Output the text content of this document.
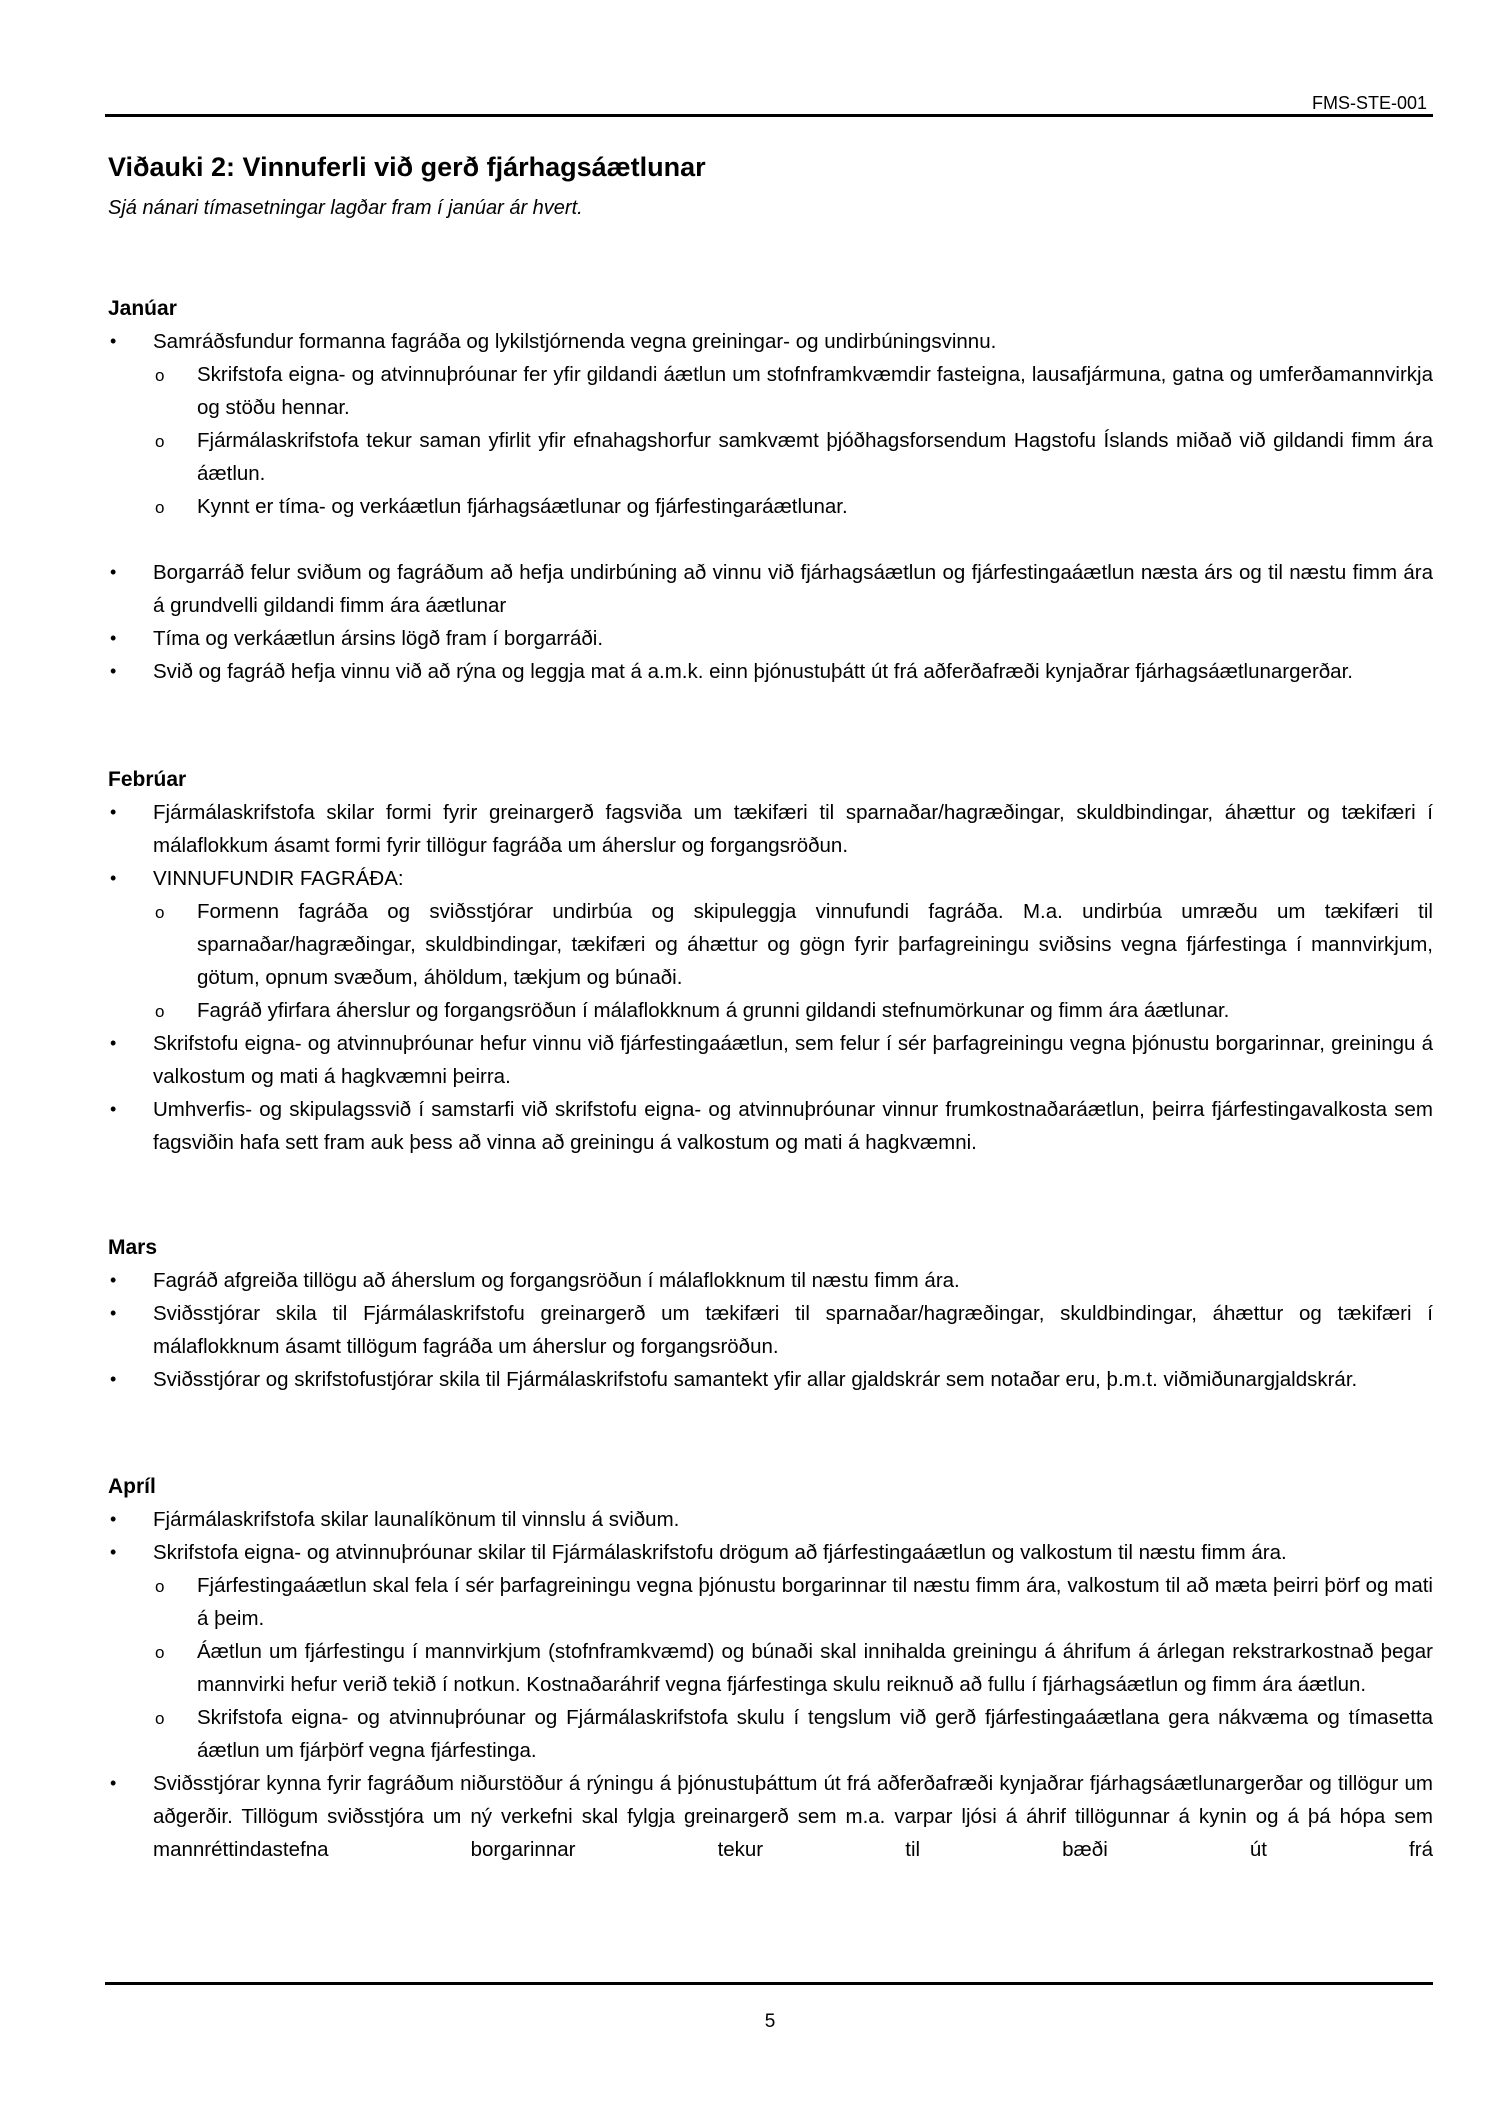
FMS-STE-001
Viðauki 2: Vinnuferli við gerð fjárhagsáætlunar

Sjá nánari tímasetningar lagðar fram í janúar ár hvert.

Janúar
• Samráðsfundur formanna fagráða og lykilstjórnenda vegna greiningar- og undirbúningsvinnu.
o Skrifstofa eigna- og atvinnuþróunar fer yfir gildandi áætlun um stofnframkvæmdir fasteigna, lausafjármuna, gatna og umferðamannvirkja og stöðu hennar.
o Fjármálaskrifstofa tekur saman yfirlit yfir efnahagshorfur samkvæmt þjóðhagsforsendum Hagstofu Íslands miðað við gildandi fimm ára áætlun.
o Kynnt er tíma- og verkáætlun fjárhagsáætlunar og fjárfestingaráætlunar.
• Borgarráð felur sviðum og fagráðum að hefja undirbúning að vinnu við fjárhagsáætlun og fjárfestingaáætlun næsta árs og til næstu fimm ára á grundvelli gildandi fimm ára áætlunar
• Tíma og verkáætlun ársins lögð fram í borgarráði.
• Svið og fagráð hefja vinnu við að rýna og leggja mat á a.m.k. einn þjónustuþátt út frá aðferðafræði kynjaðrar fjárhagsáætlunargerðar.
Febrúar
• Fjármálaskrifstofa skilar formi fyrir greinargerð fagsviða um tækifæri til sparnaðar/hagræðingar, skuldbindingar, áhættur og tækifæri í málaflokkum ásamt formi fyrir tillögur fagráða um áherslur og forgangsröðun.
• VINNUFUNDIR FAGRÁÐA:
o Formenn fagráða og sviðsstjórar undirbúa og skipuleggja vinnufundi fagráða. M.a. undirbúa umræðu um tækifæri til sparnaðar/hagræðingar, skuldbindingar, tækifæri og áhættur og gögn fyrir þarfagreiningu sviðsins vegna fjárfestinga í mannvirkjum, götum, opnum svæðum, áhöldum, tækjum og búnaði.
o Fagráð yfirfara áherslur og forgangsröðun í málaflokknum á grunni gildandi stefnumörkunar og fimm ára áætlunar.
• Skrifstofu eigna- og atvinnuþróunar hefur vinnu við fjárfestingaáætlun, sem felur í sér þarfagreiningu vegna þjónustu borgarinnar, greiningu á valkostum og mati á hagkvæmni þeirra.
• Umhverfis- og skipulagssvið í samstarfi við skrifstofu eigna- og atvinnuþróunar vinnur frumkostnaðaráætlun, þeirra fjárfestingavalkosta sem fagsviðin hafa sett fram auk þess að vinna að greiningu á valkostum og mati á hagkvæmni.
Mars
• Fagráð afgreiða tillögu að áherslum og forgangsröðun í málaflokknum til næstu fimm ára.
• Sviðsstjórar skila til Fjármálaskrifstofu greinargerð um tækifæri til sparnaðar/hagræðingar, skuldbindingar, áhættur og tækifæri í málaflokknum ásamt tillögum fagráða um áherslur og forgangsröðun.
• Sviðsstjórar og skrifstofustjórar skila til Fjármálaskrifstofu samantekt yfir allar gjaldskrár sem notaðar eru, þ.m.t. viðmiðunargjaldskrár.
Apríl
• Fjármálaskrifstofa skilar launalíkönum til vinnslu á sviðum.
• Skrifstofa eigna- og atvinnuþróunar skilar til Fjármálaskrifstofu drögum að fjárfestingaáætlun og valkostum til næstu fimm ára.
o Fjárfestingaáætlun skal fela í sér þarfagreiningu vegna þjónustu borgarinnar til næstu fimm ára, valkostum til að mæta þeirri þörf og mati á þeim.
o Áætlun um fjárfestingu í mannvirkjum (stofnframkvæmd) og búnaði skal innihalda greiningu á áhrifum á árlegan rekstrarkostnað þegar mannvirki hefur verið tekið í notkun. Kostnaðaráhrif vegna fjárfestinga skulu reiknuð að fullu í fjárhagsáætlun og fimm ára áætlun.
o Skrifstofa eigna- og atvinnuþróunar og Fjármálaskrifstofa skulu í tengslum við gerð fjárfestingaáætlana gera nákvæma og tímasetta áætlun um fjárþörf vegna fjárfestinga.
• Sviðsstjórar kynna fyrir fagráðum niðurstöður á rýningu á þjónustuþáttum út frá aðferðafræði kynjaðrar fjárhagsáætlunargerðar og tillögur um aðgerðir. Tillögum sviðsstjóra um ný verkefni skal fylgja greinargerð sem m.a. varpar ljósi á áhrif tillögunnar á kynin og á þá hópa sem mannréttindastefna borgarinnar tekur til bæði út frá
5
